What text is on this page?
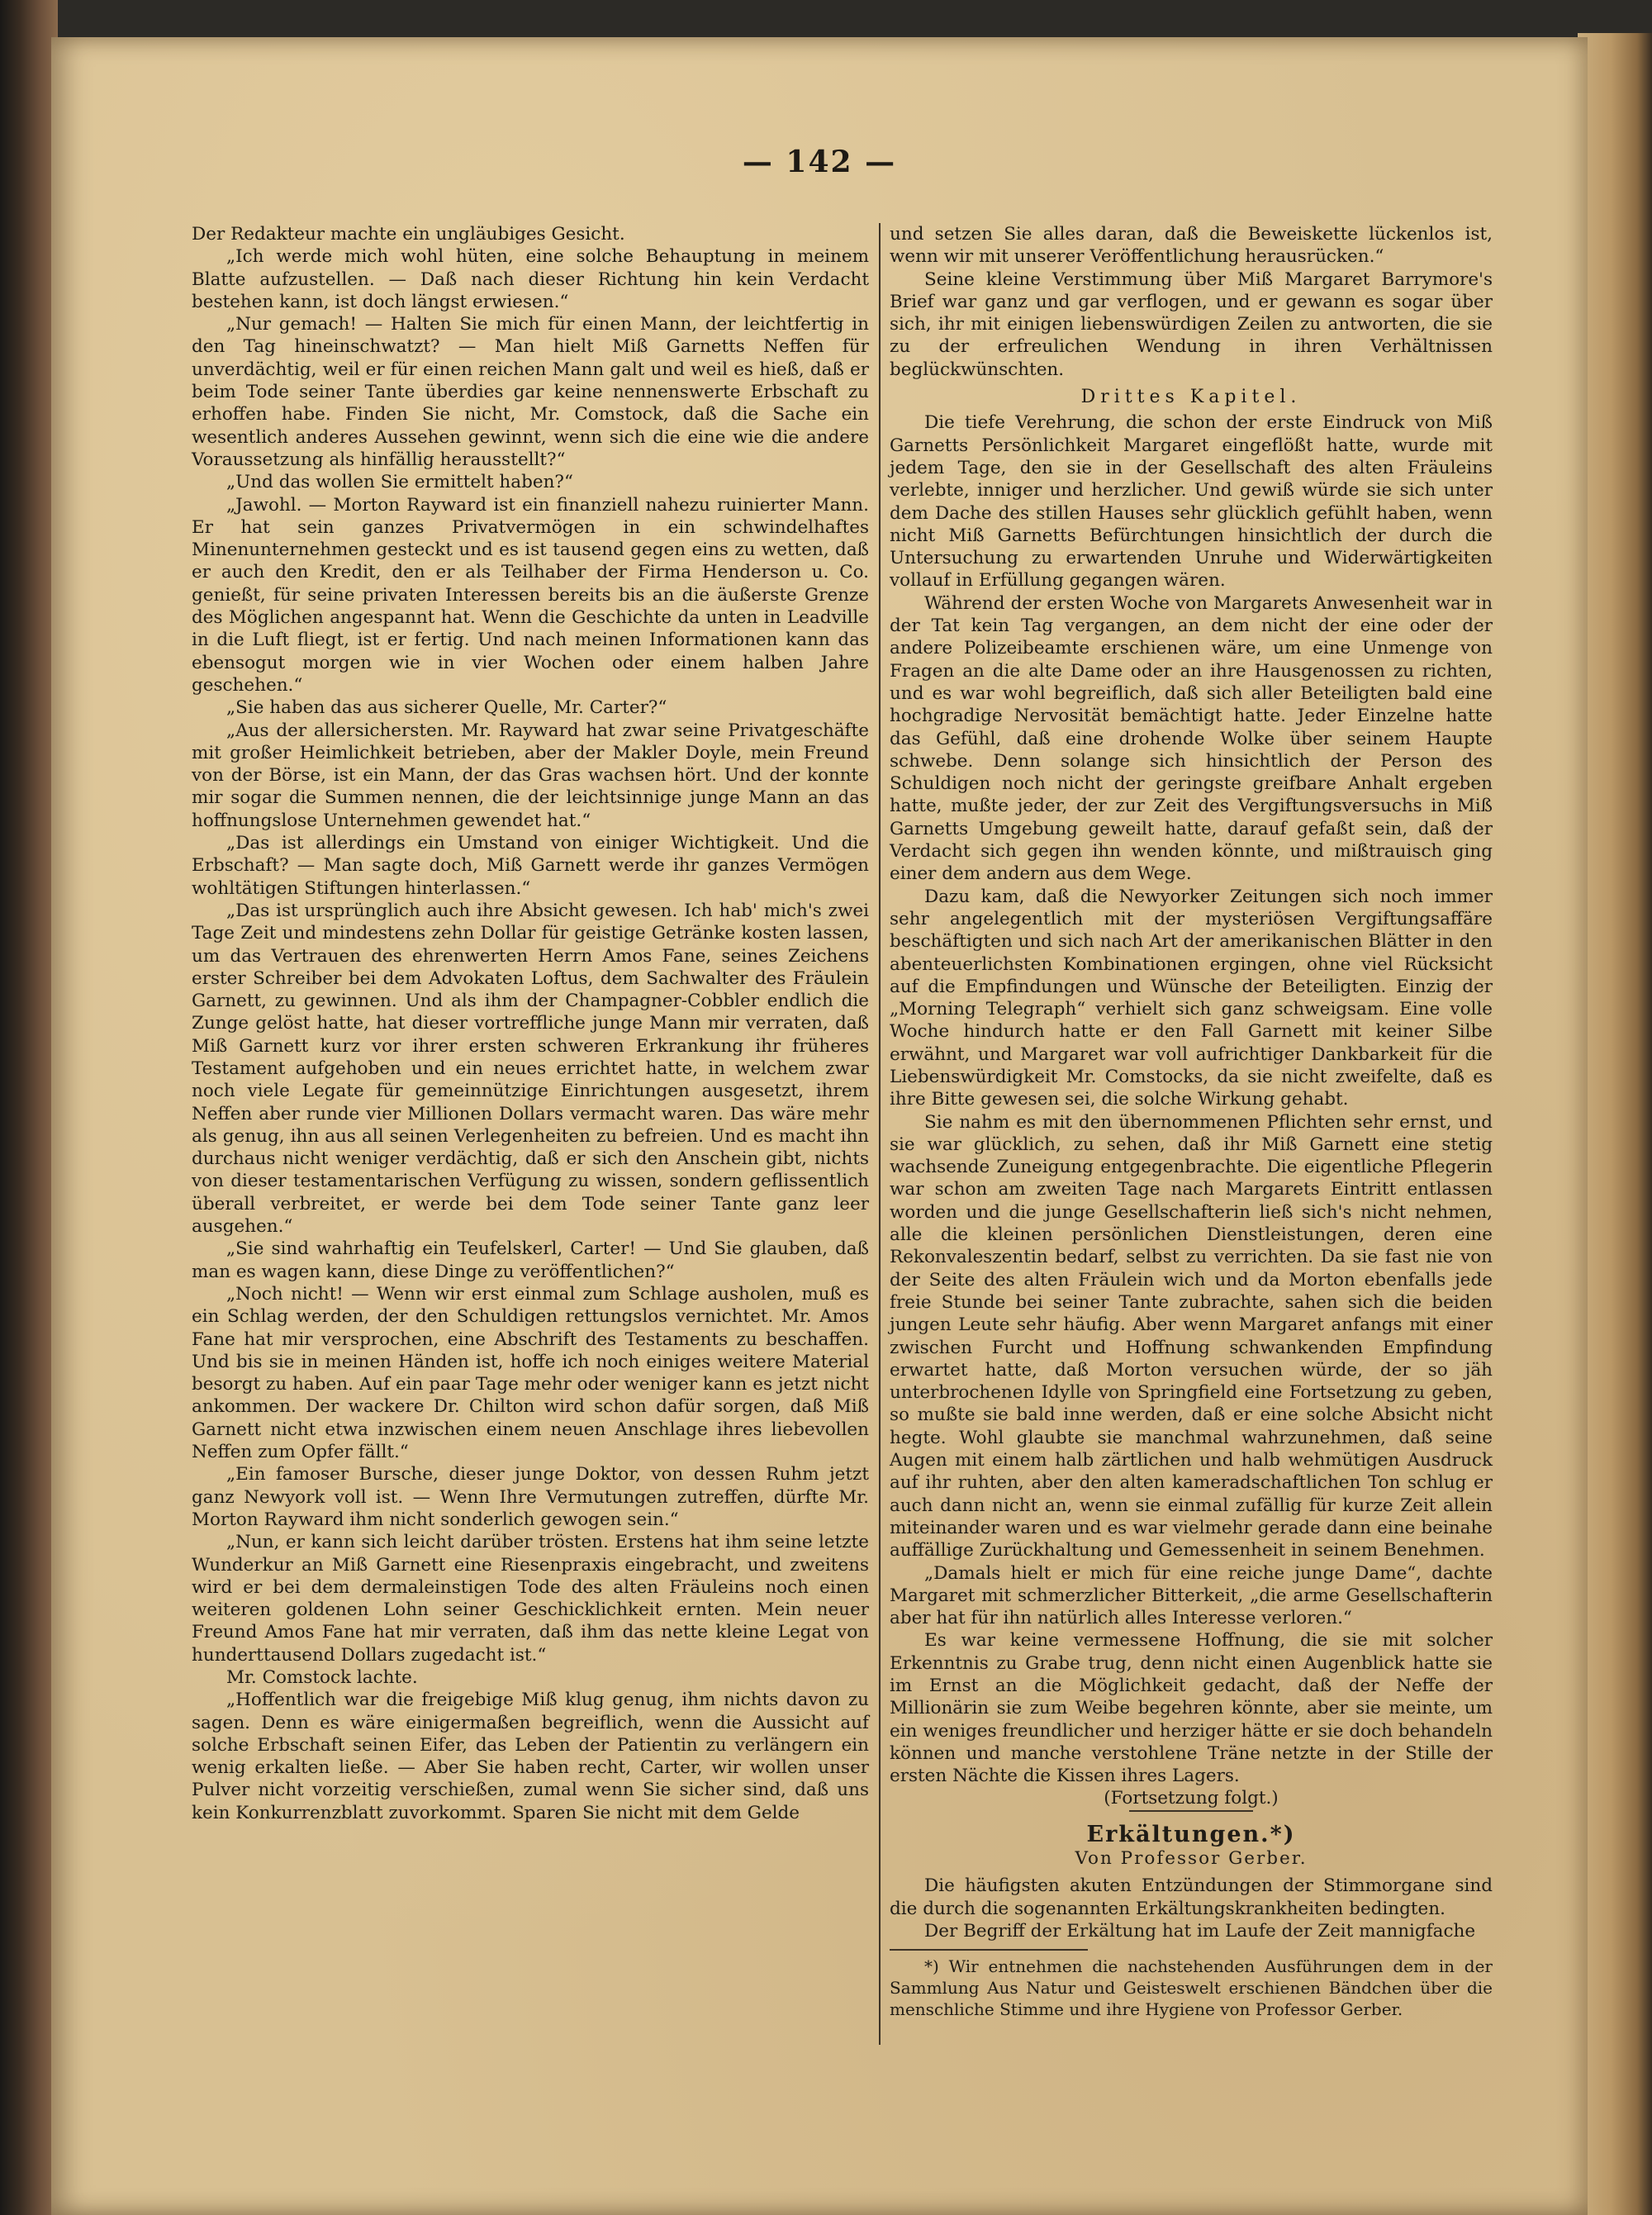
— 142 —

Der Redakteur machte ein ungläubiges Gesicht.

„Ich werde mich wohl hüten, eine solche Behauptung in meinem Blatte aufzustellen. — Daß nach dieser Richtung hin kein Verdacht bestehen kann, ist doch längst erwiesen.“

„Nur gemach! — Halten Sie mich für einen Mann, der leichtfertig in den Tag hineinschwatzt? — Man hielt Miß Garnetts Neffen für unverdächtig, weil er für einen reichen Mann galt und weil es hieß, daß er beim Tode seiner Tante überdies gar keine nennenswerte Erbschaft zu erhoffen habe. Finden Sie nicht, Mr. Comstock, daß die Sache ein wesentlich anderes Aussehen gewinnt, wenn sich die eine wie die andere Voraussetzung als hinfällig herausstellt?“

„Und das wollen Sie ermittelt haben?“

„Jawohl. — Morton Rayward ist ein finanziell nahezu ruinierter Mann. Er hat sein ganzes Privatvermögen in ein schwindelhaftes Minenunternehmen gesteckt und es ist tausend gegen eins zu wetten, daß er auch den Kredit, den er als Teilhaber der Firma Henderson u. Co. genießt, für seine privaten Interessen bereits bis an die äußerste Grenze des Möglichen angespannt hat. Wenn die Geschichte da unten in Leadville in die Luft fliegt, ist er fertig. Und nach meinen Informationen kann das ebensogut morgen wie in vier Wochen oder einem halben Jahre geschehen.“

„Sie haben das aus sicherer Quelle, Mr. Carter?“

„Aus der allersichersten. Mr. Rayward hat zwar seine Privatgeschäfte mit großer Heimlichkeit betrieben, aber der Makler Doyle, mein Freund von der Börse, ist ein Mann, der das Gras wachsen hört. Und der konnte mir sogar die Summen nennen, die der leichtsinnige junge Mann an das hoffnungslose Unternehmen gewendet hat.“

„Das ist allerdings ein Umstand von einiger Wichtigkeit. Und die Erbschaft? — Man sagte doch, Miß Garnett werde ihr ganzes Vermögen wohltätigen Stiftungen hinterlassen.“

„Das ist ursprünglich auch ihre Absicht gewesen. Ich hab' mich's zwei Tage Zeit und mindestens zehn Dollar für geistige Getränke kosten lassen, um das Vertrauen des ehrenwerten Herrn Amos Fane, seines Zeichens erster Schreiber bei dem Advokaten Loftus, dem Sachwalter des Fräulein Garnett, zu gewinnen. Und als ihm der Champagner-Cobbler endlich die Zunge gelöst hatte, hat dieser vortreffliche junge Mann mir verraten, daß Miß Garnett kurz vor ihrer ersten schweren Erkrankung ihr früheres Testament aufgehoben und ein neues errichtet hatte, in welchem zwar noch viele Legate für gemeinnützige Einrichtungen ausgesetzt, ihrem Neffen aber runde vier Millionen Dollars vermacht waren. Das wäre mehr als genug, ihn aus all seinen Verlegenheiten zu befreien. Und es macht ihn durchaus nicht weniger verdächtig, daß er sich den Anschein gibt, nichts von dieser testamentarischen Verfügung zu wissen, sondern geflissentlich überall verbreitet, er werde bei dem Tode seiner Tante ganz leer ausgehen.“

„Sie sind wahrhaftig ein Teufelskerl, Carter! — Und Sie glauben, daß man es wagen kann, diese Dinge zu veröffentlichen?“

„Noch nicht! — Wenn wir erst einmal zum Schlage ausholen, muß es ein Schlag werden, der den Schuldigen rettungslos vernichtet. Mr. Amos Fane hat mir versprochen, eine Abschrift des Testaments zu beschaffen. Und bis sie in meinen Händen ist, hoffe ich noch einiges weitere Material besorgt zu haben. Auf ein paar Tage mehr oder weniger kann es jetzt nicht ankommen. Der wackere Dr. Chilton wird schon dafür sorgen, daß Miß Garnett nicht etwa inzwischen einem neuen Anschlage ihres liebevollen Neffen zum Opfer fällt.“

„Ein famoser Bursche, dieser junge Doktor, von dessen Ruhm jetzt ganz Newyork voll ist. — Wenn Ihre Vermutungen zutreffen, dürfte Mr. Morton Rayward ihm nicht sonderlich gewogen sein.“

„Nun, er kann sich leicht darüber trösten. Erstens hat ihm seine letzte Wunderkur an Miß Garnett eine Riesenpraxis eingebracht, und zweitens wird er bei dem dermaleinstigen Tode des alten Fräuleins noch einen weiteren goldenen Lohn seiner Geschicklichkeit ernten. Mein neuer Freund Amos Fane hat mir verraten, daß ihm das nette kleine Legat von hunderttausend Dollars zugedacht ist.“

Mr. Comstock lachte.

„Hoffentlich war die freigebige Miß klug genug, ihm nichts davon zu sagen. Denn es wäre einigermaßen begreiflich, wenn die Aussicht auf solche Erbschaft seinen Eifer, das Leben der Patientin zu verlängern ein wenig erkalten ließe. — Aber Sie haben recht, Carter, wir wollen unser Pulver nicht vorzeitig verschießen, zumal wenn Sie sicher sind, daß uns kein Konkurrenzblatt zuvorkommt. Sparen Sie nicht mit dem Gelde

und setzen Sie alles daran, daß die Beweiskette lückenlos ist, wenn wir mit unserer Veröffentlichung herausrücken.“

Seine kleine Verstimmung über Miß Margaret Barrymore's Brief war ganz und gar verflogen, und er gewann es sogar über sich, ihr mit einigen liebenswürdigen Zeilen zu antworten, die sie zu der erfreulichen Wendung in ihren Verhältnissen beglückwünschten.

Drittes Kapitel.

Die tiefe Verehrung, die schon der erste Eindruck von Miß Garnetts Persönlichkeit Margaret eingeflößt hatte, wurde mit jedem Tage, den sie in der Gesellschaft des alten Fräuleins verlebte, inniger und herzlicher. Und gewiß würde sie sich unter dem Dache des stillen Hauses sehr glücklich gefühlt haben, wenn nicht Miß Garnetts Befürchtungen hinsichtlich der durch die Untersuchung zu erwartenden Unruhe und Widerwärtigkeiten vollauf in Erfüllung gegangen wären.

Während der ersten Woche von Margarets Anwesenheit war in der Tat kein Tag vergangen, an dem nicht der eine oder der andere Polizeibeamte erschienen wäre, um eine Unmenge von Fragen an die alte Dame oder an ihre Hausgenossen zu richten, und es war wohl begreiflich, daß sich aller Beteiligten bald eine hochgradige Nervosität bemächtigt hatte. Jeder Einzelne hatte das Gefühl, daß eine drohende Wolke über seinem Haupte schwebe. Denn solange sich hinsichtlich der Person des Schuldigen noch nicht der geringste greifbare Anhalt ergeben hatte, mußte jeder, der zur Zeit des Vergiftungsversuchs in Miß Garnetts Umgebung geweilt hatte, darauf gefaßt sein, daß der Verdacht sich gegen ihn wenden könnte, und mißtrauisch ging einer dem andern aus dem Wege.

Dazu kam, daß die Newyorker Zeitungen sich noch immer sehr angelegentlich mit der mysteriösen Vergiftungsaffäre beschäftigten und sich nach Art der amerikanischen Blätter in den abenteuerlichsten Kombinationen ergingen, ohne viel Rücksicht auf die Empfindungen und Wünsche der Beteiligten. Einzig der „Morning Telegraph“ verhielt sich ganz schweigsam. Eine volle Woche hindurch hatte er den Fall Garnett mit keiner Silbe erwähnt, und Margaret war voll aufrichtiger Dankbarkeit für die Liebenswürdigkeit Mr. Comstocks, da sie nicht zweifelte, daß es ihre Bitte gewesen sei, die solche Wirkung gehabt.

Sie nahm es mit den übernommenen Pflichten sehr ernst, und sie war glücklich, zu sehen, daß ihr Miß Garnett eine stetig wachsende Zuneigung entgegenbrachte. Die eigentliche Pflegerin war schon am zweiten Tage nach Margarets Eintritt entlassen worden und die junge Gesellschafterin ließ sich's nicht nehmen, alle die kleinen persönlichen Dienstleistungen, deren eine Rekonvaleszentin bedarf, selbst zu verrichten. Da sie fast nie von der Seite des alten Fräulein wich und da Morton ebenfalls jede freie Stunde bei seiner Tante zubrachte, sahen sich die beiden jungen Leute sehr häufig. Aber wenn Margaret anfangs mit einer zwischen Furcht und Hoffnung schwankenden Empfindung erwartet hatte, daß Morton versuchen würde, der so jäh unterbrochenen Idylle von Springfield eine Fortsetzung zu geben, so mußte sie bald inne werden, daß er eine solche Absicht nicht hegte. Wohl glaubte sie manchmal wahrzunehmen, daß seine Augen mit einem halb zärtlichen und halb wehmütigen Ausdruck auf ihr ruhten, aber den alten kameradschaftlichen Ton schlug er auch dann nicht an, wenn sie einmal zufällig für kurze Zeit allein miteinander waren und es war vielmehr gerade dann eine beinahe auffällige Zurückhaltung und Gemessenheit in seinem Benehmen.

„Damals hielt er mich für eine reiche junge Dame“, dachte Margaret mit schmerzlicher Bitterkeit, „die arme Gesellschafterin aber hat für ihn natürlich alles Interesse verloren.“

Es war keine vermessene Hoffnung, die sie mit solcher Erkenntnis zu Grabe trug, denn nicht einen Augenblick hatte sie im Ernst an die Möglichkeit gedacht, daß der Neffe der Millionärin sie zum Weibe begehren könnte, aber sie meinte, um ein weniges freundlicher und herziger hätte er sie doch behandeln können und manche verstohlene Träne netzte in der Stille der ersten Nächte die Kissen ihres Lagers.

(Fortsetzung folgt.)

Erkältungen.*)
Von Professor Gerber.

Die häufigsten akuten Entzündungen der Stimmorgane sind die durch die sogenannten Erkältungskrankheiten bedingten.

Der Begriff der Erkältung hat im Laufe der Zeit mannigfache

*) Wir entnehmen die nachstehenden Ausführungen dem in der Sammlung Aus Natur und Geisteswelt erschienen Bändchen über die menschliche Stimme und ihre Hygiene von Professor Gerber.
